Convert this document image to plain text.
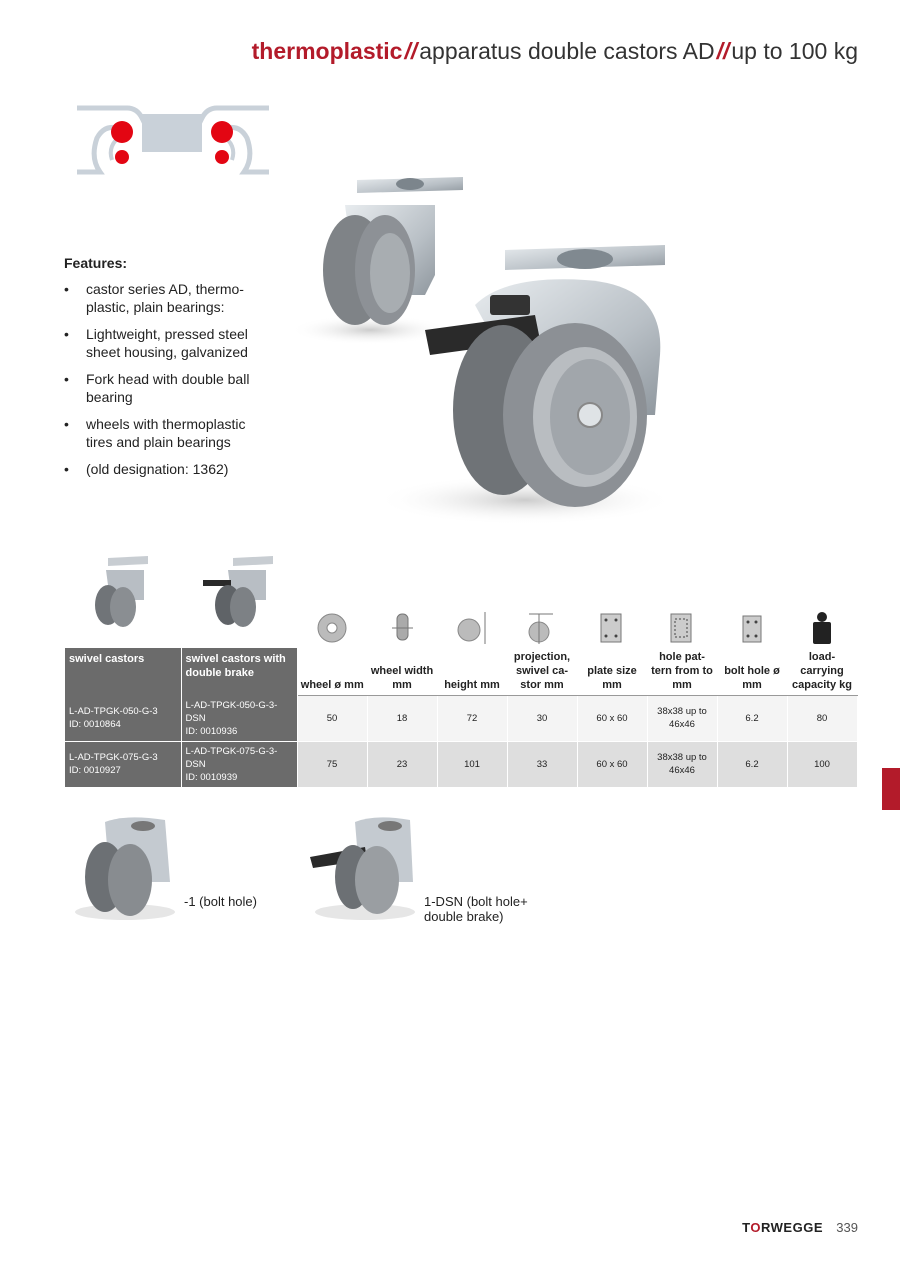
thermoplastic//apparatus double castors AD//up to 100 kg
Features:
• castor series AD, thermo-plastic, plain bearings:
• Lightweight, pressed steel sheet housing, galvanized
• Fork head with double ball bearing
• wheels with thermoplastic tires and plain bearings
• (old designation: 1362)
swivel castors	swivel castors with double brake	wheel ø mm	wheel width mm	height mm	projection, swivel ca-stor mm	plate size mm	hole pat-tern from to mm	bolt hole ø mm	load-carrying capacity kg
L-AD-TPGK-050-G-3
ID: 0010864	L-AD-TPGK-050-G-3-DSN
ID: 0010936	50	18	72	30	60 x 60	38x38 up to 46x46	6.2	80
L-AD-TPGK-075-G-3
ID: 0010927	L-AD-TPGK-075-G-3-DSN
ID: 0010939	75	23	101	33	60 x 60	38x38 up to 46x46	6.2	100
-1 (bolt hole)	1-DSN (bolt hole+ double brake)
TORWEGGE 339
